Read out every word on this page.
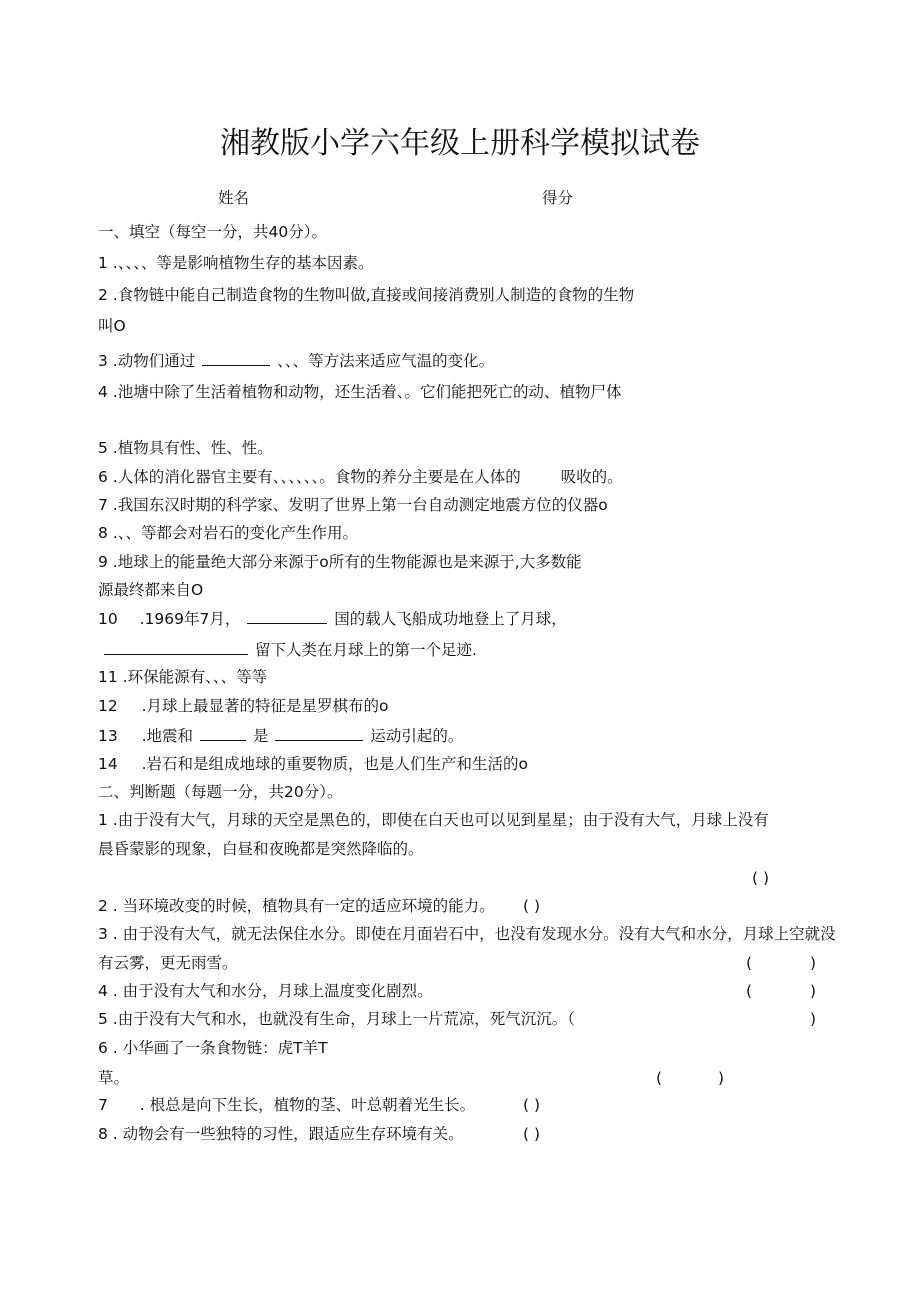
湘教版小学六年级上册科学模拟试卷
姓名	得分
一、填空（每空一分，共40分）。
1 .、、、、等是影响植物生存的基本因素。
2 .食物链中能自己制造食物的生物叫做,直接或间接消费别人制造的食物的生物
叫O
3 .动物们通过	、、、等方法来适应气温的变化。
4 .池塘中除了生活着植物和动物，还生活着、。它们能把死亡的动、植物尸体
5 .植物具有性、性、性。
6 .人体的消化器官主要有、、、、、、。食物的养分主要是在人体的	吸收的。
7 .我国东汉时期的科学家、发明了世界上第一台自动测定地震方位的仪器o
8 .、、等都会对岩石的变化产生作用。
9 .地球上的能量绝大部分来源于o所有的生物能源也是来源于,大多数能
源最终都来自O
10 .1969年7月，	国的载人飞船成功地登上了月球，
留下人类在月球上的第一个足迹.
11 .环保能源有、、、等等
12 .月球上最显著的特征是星罗棋布的o
13 .地震和	是	运动引起的。
14 .岩石和是组成地球的重要物质，也是人们生产和生活的o
二、判断题（每题一分，共20分）。
1 .由于没有大气，月球的天空是黑色的，即使在白天也可以见到星星；由于没有大气，月球上没有
晨昏蒙影的现象，白昼和夜晚都是突然降临的。
( )
2 . 当环境改变的时候，植物具有一定的适应环境的能力。 ( )
3 . 由于没有大气，就无法保住水分。即使在月面岩石中，也没有发现水分。没有大气和水分，月球上空就没
有云雾，更无雨雪。	(	)
4 . 由于没有大气和水分，月球上温度变化剧烈。	(	)
5 .由于没有大气和水，也就没有生命，月球上一片荒凉，死气沉沉。（	)
6 . 小华画了一条食物链：虎T羊T
草。	(	)
7 . 根总是向下生长，植物的茎、叶总朝着光生长。	( )
8 . 动物会有一些独特的习性，跟适应生存环境有关。	( )
